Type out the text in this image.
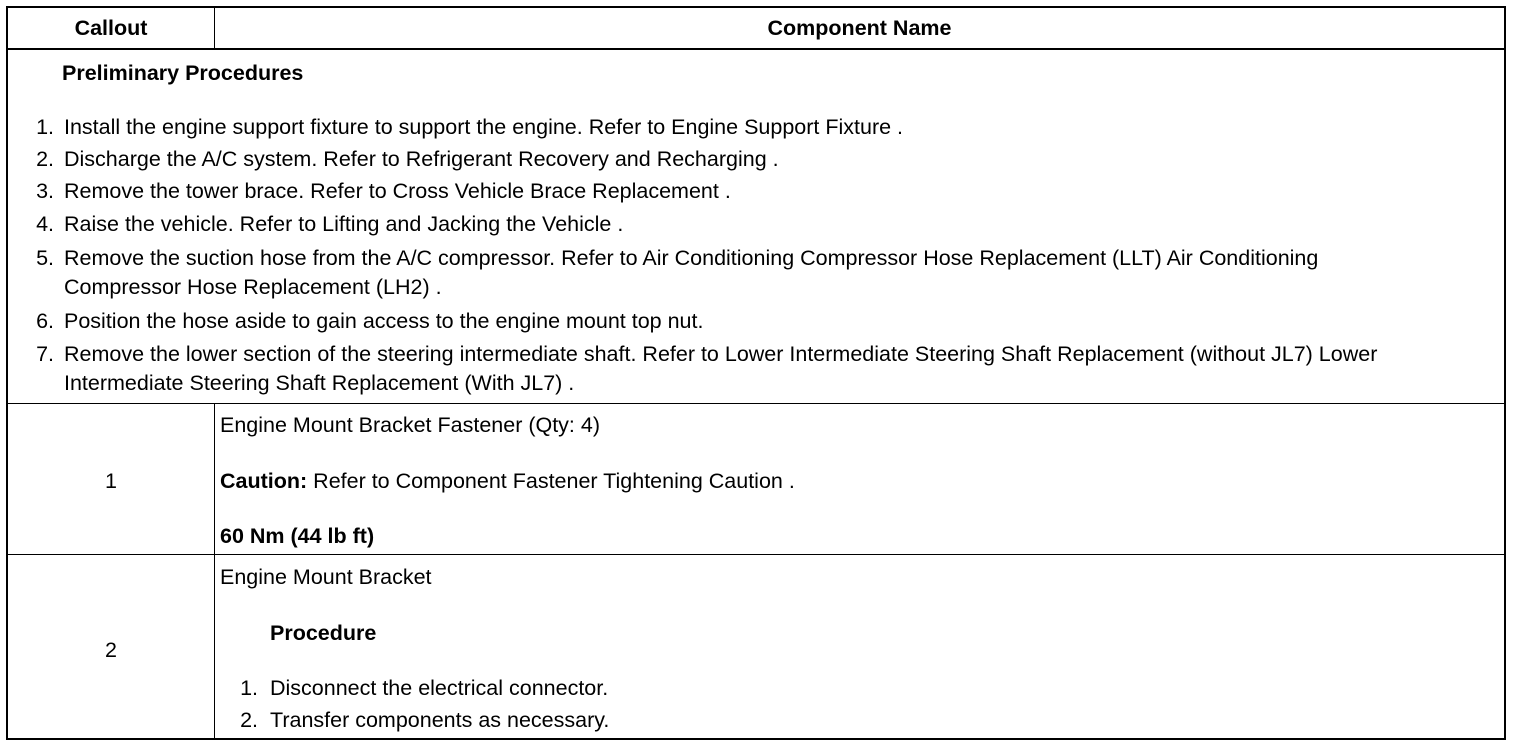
Callout	Component Name
Preliminary Procedures
1. Install the engine support fixture to support the engine. Refer to Engine Support Fixture .
2. Discharge the A/C system. Refer to Refrigerant Recovery and Recharging .
3. Remove the tower brace. Refer to Cross Vehicle Brace Replacement .
4. Raise the vehicle. Refer to Lifting and Jacking the Vehicle .
5. Remove the suction hose from the A/C compressor. Refer to Air Conditioning Compressor Hose Replacement (LLT) Air Conditioning Compressor Hose Replacement (LH2) .
6. Position the hose aside to gain access to the engine mount top nut.
7. Remove the lower section of the steering intermediate shaft. Refer to Lower Intermediate Steering Shaft Replacement (without JL7) Lower Intermediate Steering Shaft Replacement (With JL7) .
1
Engine Mount Bracket Fastener (Qty: 4)
Caution: Refer to Component Fastener Tightening Caution .
60 Nm (44 lb ft)
2
Engine Mount Bracket
Procedure
1. Disconnect the electrical connector.
2. Transfer components as necessary.
